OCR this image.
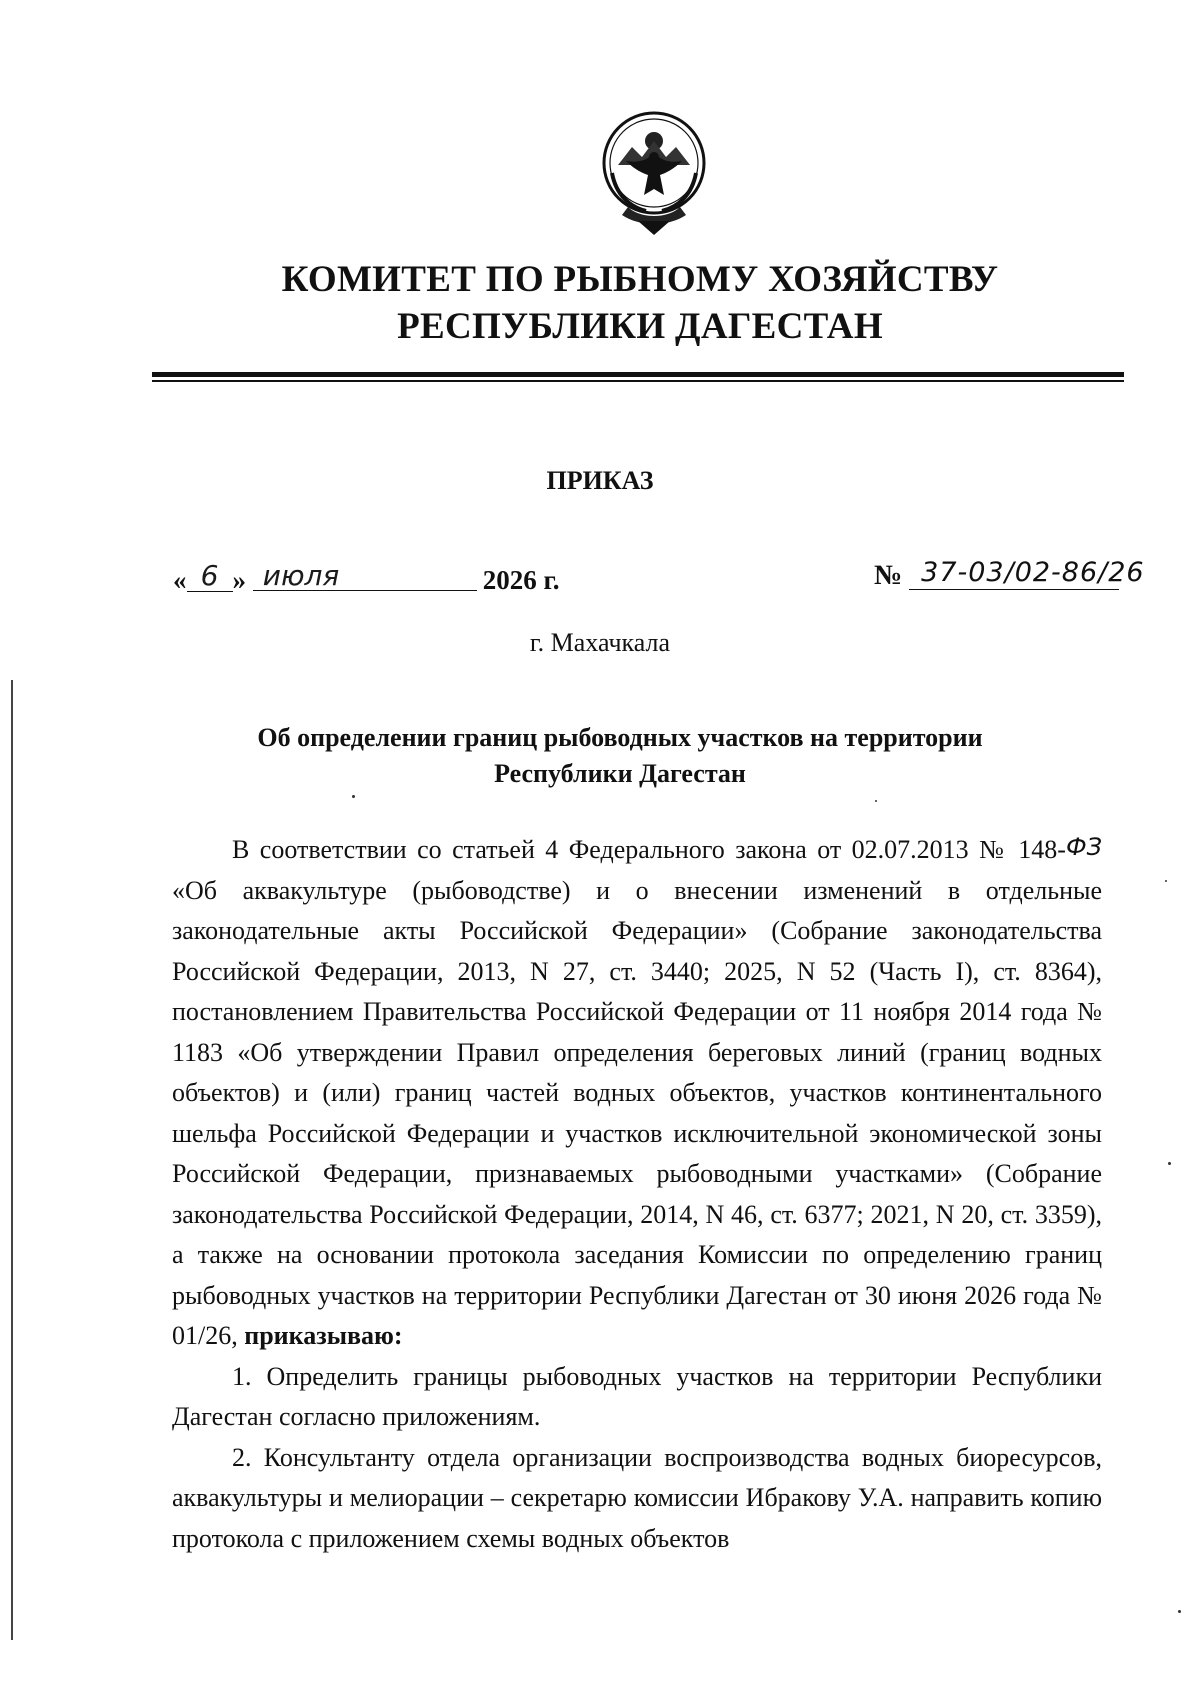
КОМИТЕТ ПО РЫБНОМУ ХОЗЯЙСТВУ
РЕСПУБЛИКИ ДАГЕСТАН
ПРИКАЗ
« 6 » июля	2026 г.	№ 37-03/02-86/26
г. Махачкала
Об определении границ рыбоводных участков на территории
Республики Дагестан

В соответствии со статьей 4 Федерального закона от 02.07.2013 № 148-ФЗ «Об аквакультуре (рыбоводстве) и о внесении изменений в отдельные законодательные акты Российской Федерации» (Собрание законодательства Российской Федерации, 2013, N 27, ст. 3440; 2025, N 52 (Часть I), ст. 8364), постановлением Правительства Российской Федерации от 11 ноября 2014 года № 1183 «Об утверждении Правил определения береговых линий (границ водных объектов) и (или) границ частей водных объектов, участков континентального шельфа Российской Федерации и участков исключительной экономической зоны Российской Федерации, признаваемых рыбоводными участками» (Собрание законодательства Российской Федерации, 2014, N 46, ст. 6377; 2021, N 20, ст. 3359), а также на основании протокола заседания Комиссии по определению границ рыбоводных участков на территории Республики Дагестан от 30 июня 2026 года № 01/26, приказываю:

1. Определить границы рыбоводных участков на территории Республики Дагестан согласно приложениям.

2. Консультанту отдела организации воспроизводства водных биоресурсов, аквакультуры и мелиорации – секретарю комиссии Ибракову У.А. направить копию протокола с приложением схемы водных объектов
